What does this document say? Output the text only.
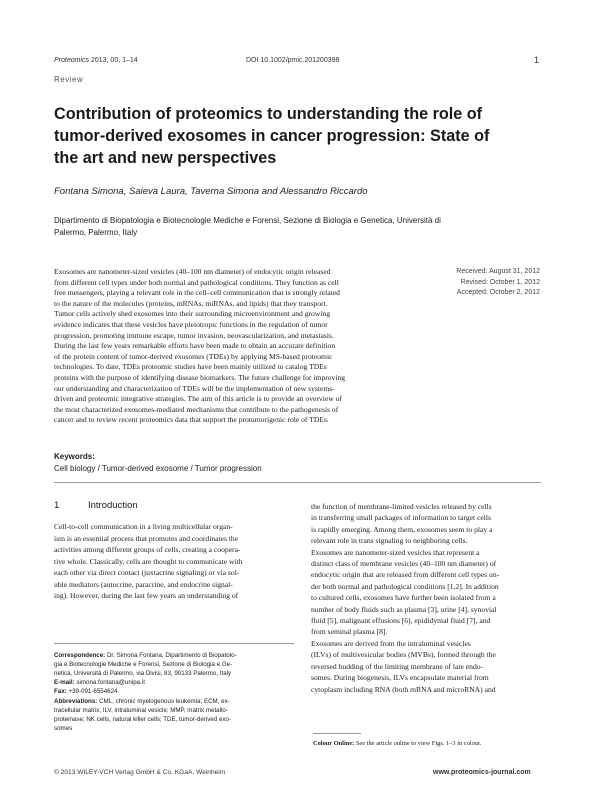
Proteomics 2013, 00, 1–14	DOI 10.1002/pmic.201200398	1
Review
Contribution of proteomics to understanding the role of
tumor-derived exosomes in cancer progression: State of
the art and new perspectives
Fontana Simona, Saieva Laura, Taverna Simona and Alessandro Riccardo
Dipartimento di Biopatologia e Biotecnologie Mediche e Forensi, Sezione di Biologia e Genetica, Università di
Palermo, Palermo, Italy
Exosomes are nanometer-sized vesicles (40–100 nm diameter) of endocytic origin released
from different cell types under both normal and pathological conditions. They function as cell
free messengers, playing a relevant role in the cell–cell communication that is strongly related
to the nature of the molecules (proteins, mRNAs, miRNAs, and lipids) that they transport.
Tumor cells actively shed exosomes into their surrounding microenvironment and growing
evidence indicates that these vesicles have pleiotropic functions in the regulation of tumor
progression, promoting immune escape, tumor invasion, neovascularization, and metastasis.
During the last few years remarkable efforts have been made to obtain an accurate definition
of the protein content of tumor-derived exosomes (TDEs) by applying MS-based proteomic
technologies. To date, TDEs proteomic studies have been mainly utilized to catalog TDEs
proteins with the purpose of identifying disease biomarkers. The future challenge for improving
our understanding and characterization of TDEs will be the implementation of new systems-
driven and proteomic integrative strategies. The aim of this article is to provide an overview of
the most characterized exosomes-mediated mechanisms that contribute to the pathogenesis of
cancer and to review recent proteomics data that support the protumorigenic role of TDEs.
Received: August 31, 2012
Revised: October 1, 2012
Accepted: October 2, 2012
Keywords:
Cell biology / Tumor-derived exosome / Tumor progression
1	Introduction
Cell-to-cell communication in a living multicellular organ-
ism is an essential process that promotes and coordinates the
activities among different groups of cells, creating a coopera-
tive whole. Classically, cells are thought to communicate with
each other via direct contact (juxtacrine signaling) or via sol-
uble mediators (autocrine, paracrine, and endocrine signal-
ing). However, during the last few years an understanding of
Correspondence: Dr. Simona Fontana, Dipartimento di Biopatolo-
gia e Biotecnologie Mediche e Forensi, Sezione di Biologia e Ge-
netica, Università di Palermo, via Divisi, 83, 90133 Palermo, Italy
E-mail: simona.fontana@unipa.it
Fax: +39-091-6554624
Abbreviations: CML, chronic myelogenous leukemia; ECM, ex-
tracellular matrix; ILV, intraluminal vesicle; MMP, matrix metallo-
proteinase; NK cells, natural killer cells; TDE, tumor-derived exo-
somes
the function of membrane-limited vesicles released by cells
in transferring small packages of information to target cells
is rapidly emerging. Among them, exosomes seem to play a
relevant role in trans signaling to neighboring cells.
Exosomes are nanometer-sized vesicles that represent a
distinct class of membrane vesicles (40–100 nm diameter) of
endocytic origin that are released from different cell types un-
der both normal and pathological conditions [1,2]. In addition
to cultured cells, exosomes have further been isolated from a
number of body fluids such as plasma [3], urine [4], synovial
fluid [5], malignant effusions [6], epididymal fluid [7], and
from seminal plasma [8].
Exosomes are derived from the intraluminal vesicles
(ILVs) of multivesicular bodies (MVBs), formed through the
reversed budding of the limiting membrane of late endo-
somes. During biogenesis, ILVs encapsulate material from
cytoplasm including RNA (both mRNA and microRNA) and
Colour Online: See the article online to view Figs. 1–3 in colour.
© 2013 WILEY-VCH Verlag GmbH & Co. KGaA, Weinheim	www.proteomics-journal.com
